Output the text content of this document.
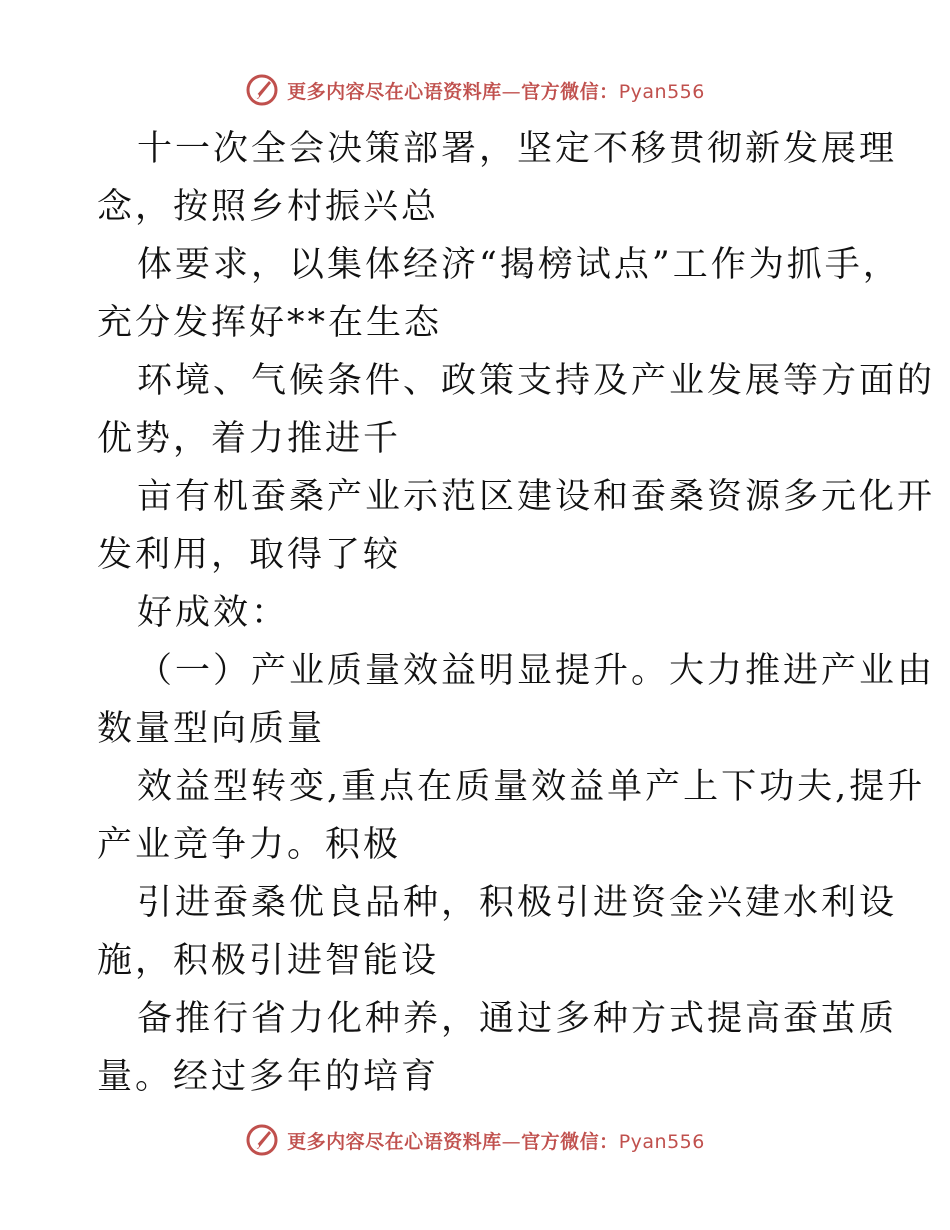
更多内容尽在心语资料库—官方微信：Pyan556

十一次全会决策部署，坚定不移贯彻新发展理
念，按照乡村振兴总

体要求，以集体经济“揭榜试点”工作为抓手，
充分发挥好**在生态

环境、气候条件、政策支持及产业发展等方面的
优势，着力推进千

亩有机蚕桑产业示范区建设和蚕桑资源多元化开
发利用，取得了较

好成效：

（一）产业质量效益明显提升。大力推进产业由
数量型向质量

效益型转变,重点在质量效益单产上下功夫,提升
产业竞争力。积极

引进蚕桑优良品种，积极引进资金兴建水利设
施，积极引进智能设

备推行省力化种养，通过多种方式提高蚕茧质
量。经过多年的培育

更多内容尽在心语资料库—官方微信：Pyan556
